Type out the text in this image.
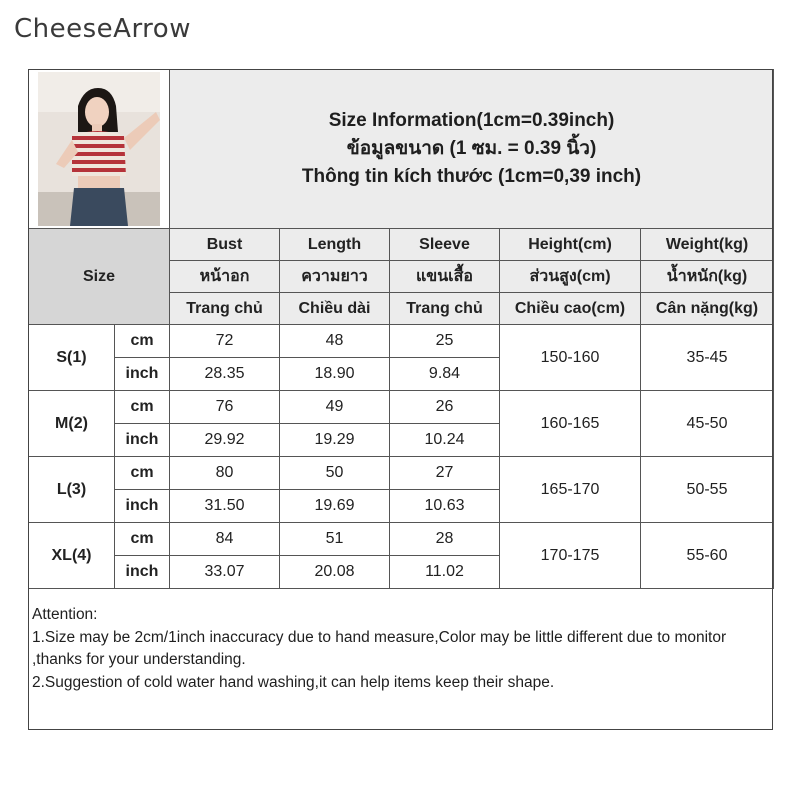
CheeseArrow

Size Information(1cm=0.39inch)
ข้อมูลขนาด (1 ซม. = 0.39 นิ้ว)
Thông tin kích thước (1cm=0,39 inch)				

Size		Bust	Length	Sleeve	Height(cm)	Weight(kg)
		หน้าอก	ความยาว	แขนเสื้อ	ส่วนสูง(cm)	น้ำหนัก(kg)
		Trang chủ	Chiều dài	Trang chủ	Chiều cao(cm)	Cân nặng(kg)
S(1)	cm	72	48	25	150-160	35-45
	inch	28.35	18.90	9.84		
M(2)	cm	76	49	26	160-165	45-50
	inch	29.92	19.29	10.24		
L(3)	cm	80	50	27	165-170	50-55
	inch	31.50	19.69	10.63		
XL(4)	cm	84	51	28	170-175	55-60
	inch	33.07	20.08	11.02		
Attention:
1.Size may be 2cm/1inch inaccuracy due to hand measure,Color may be little different due to monitor ,thanks for your understanding.
2.Suggestion of cold water hand washing,it can help items keep their shape.
